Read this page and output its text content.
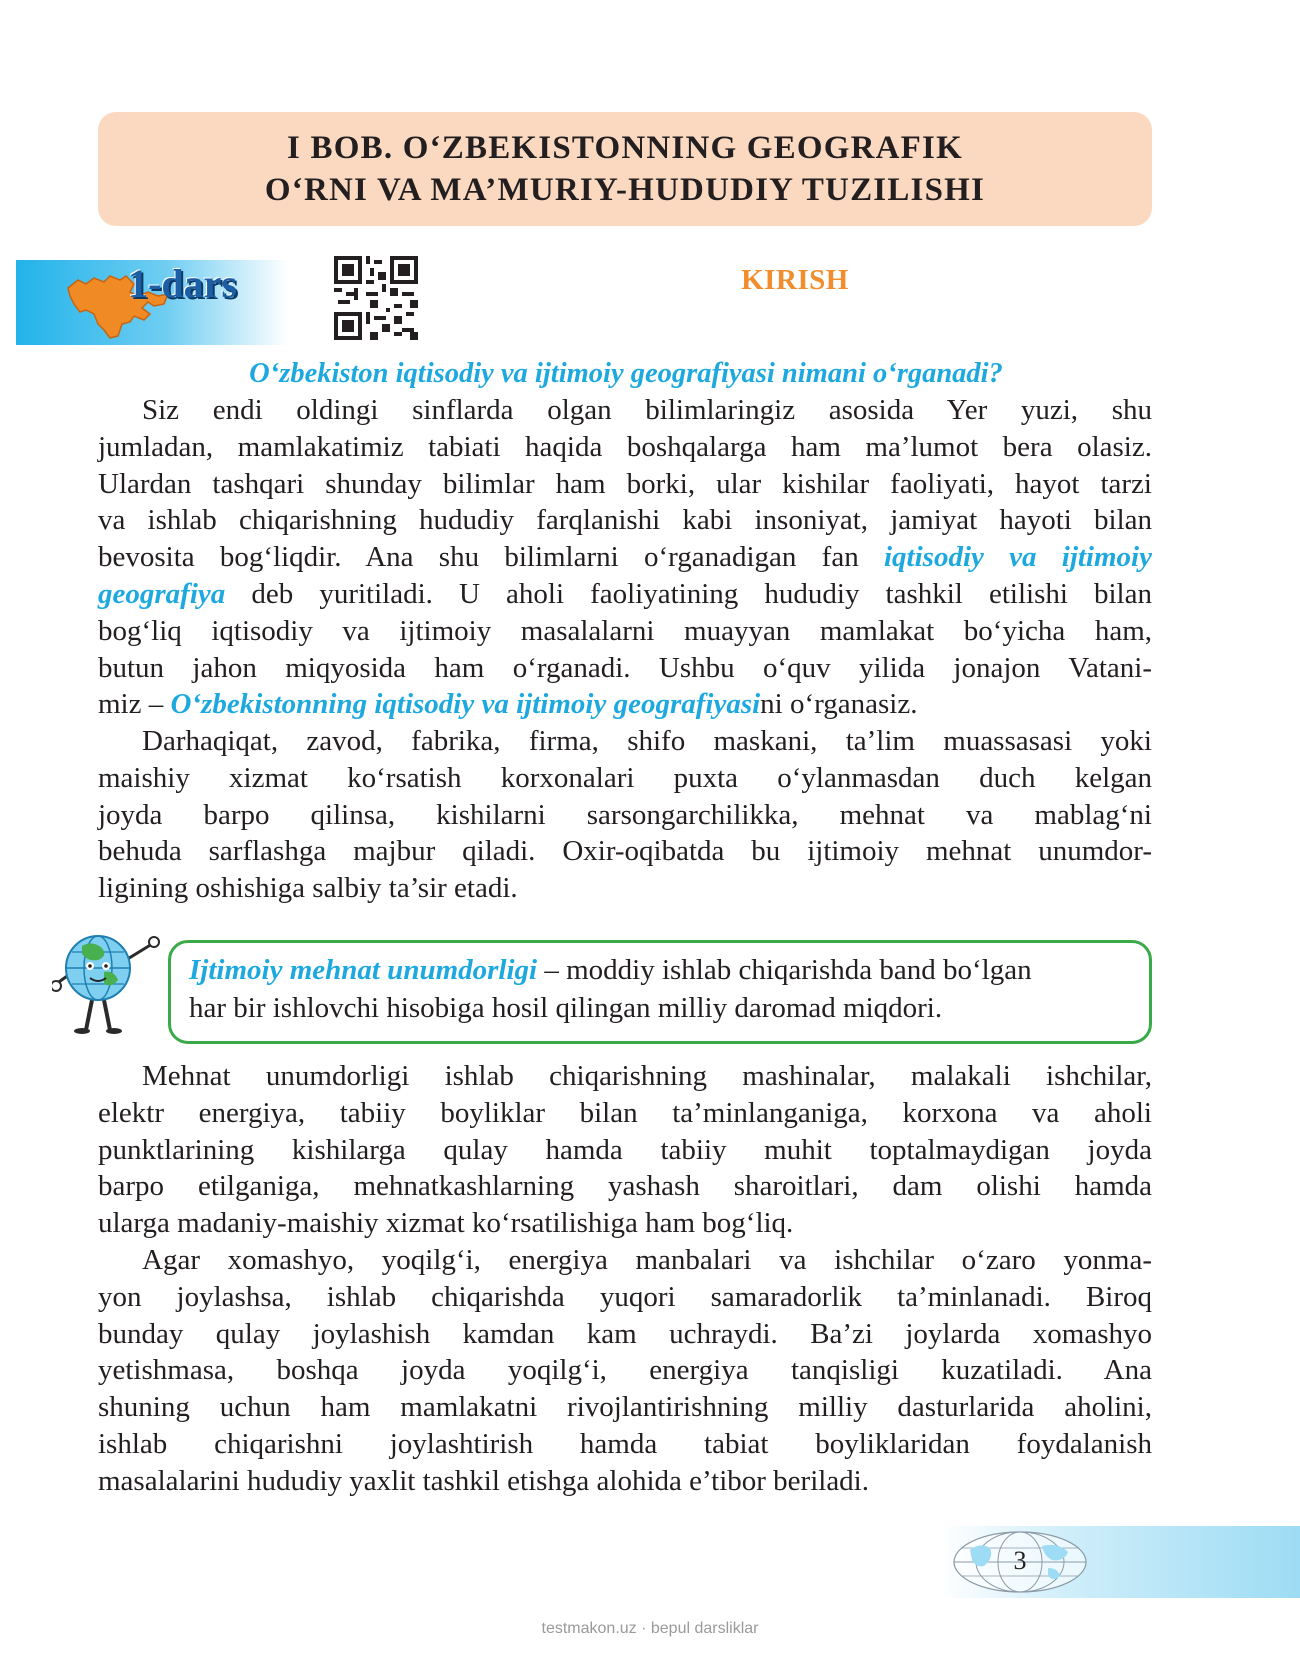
I BOB. O‘ZBEKISTONNING GEOGRAFIK
O‘RNI VA MA’MURIY-HUDUDIY TUZILISHI
1-dars	KIRISH
O‘zbekiston iqtisodiy va ijtimoiy geografiyasi nimani o‘rganadi?
Siz endi oldingi sinflarda olgan bilimlaringiz asosida Yer yuzi, shu
jumladan, mamlakatimiz tabiati haqida boshqalarga ham ma’lumot bera olasiz.
Ulardan tashqari shunday bilimlar ham borki, ular kishilar faoliyati, hayot tarzi
va ishlab chiqarishning hududiy farqlanishi kabi insoniyat, jamiyat hayoti bilan
bevosita bog‘liqdir. Ana shu bilimlarni o‘rganadigan fan iqtisodiy va ijtimoiy
geografiya deb yuritiladi. U aholi faoliyatining hududiy tashkil etilishi bilan
bog‘liq iqtisodiy va ijtimoiy masalalarni muayyan mamlakat bo‘yicha ham,
butun jahon miqyosida ham o‘rganadi. Ushbu o‘quv yilida jonajon Vatani-
miz – O‘zbekistonning iqtisodiy va ijtimoiy geografiyasini o‘rganasiz.
Darhaqiqat, zavod, fabrika, firma, shifo maskani, ta’lim muassasasi yoki
maishiy xizmat ko‘rsatish korxonalari puxta o‘ylanmasdan duch kelgan
joyda barpo qilinsa, kishilarni sarsongarchilikka, mehnat va mablag‘ni
behuda sarflashga majbur qiladi. Oxir-oqibatda bu ijtimoiy mehnat unumdor-
ligining oshishiga salbiy ta’sir etadi.
Ijtimoiy mehnat unumdorligi – moddiy ishlab chiqarishda band bo‘lgan
har bir ishlovchi hisobiga hosil qilingan milliy daromad miqdori.
Mehnat unumdorligi ishlab chiqarishning mashinalar, malakali ishchilar,
elektr energiya, tabiiy boyliklar bilan ta’minlanganiga, korxona va aholi
punktlarining kishilarga qulay hamda tabiiy muhit toptalmaydigan joyda
barpo etilganiga, mehnatkashlarning yashash sharoitlari, dam olishi hamda
ularga madaniy-maishiy xizmat ko‘rsatilishiga ham bog‘liq.
Agar xomashyo, yoqilg‘i, energiya manbalari va ishchilar o‘zaro yonma-
yon joylashsa, ishlab chiqarishda yuqori samaradorlik ta’minlanadi. Biroq
bunday qulay joylashish kamdan kam uchraydi. Ba’zi joylarda xomashyo
yetishmasa, boshqa joyda yoqilg‘i, energiya tanqisligi kuzatiladi. Ana
shuning uchun ham mamlakatni rivojlantirishning milliy dasturlarida aholini,
ishlab chiqarishni joylashtirish hamda tabiat boyliklaridan foydalanish
masalalarini hududiy yaxlit tashkil etishga alohida e’tibor beriladi.
3
testmakon.uz · bepul darsliklar
